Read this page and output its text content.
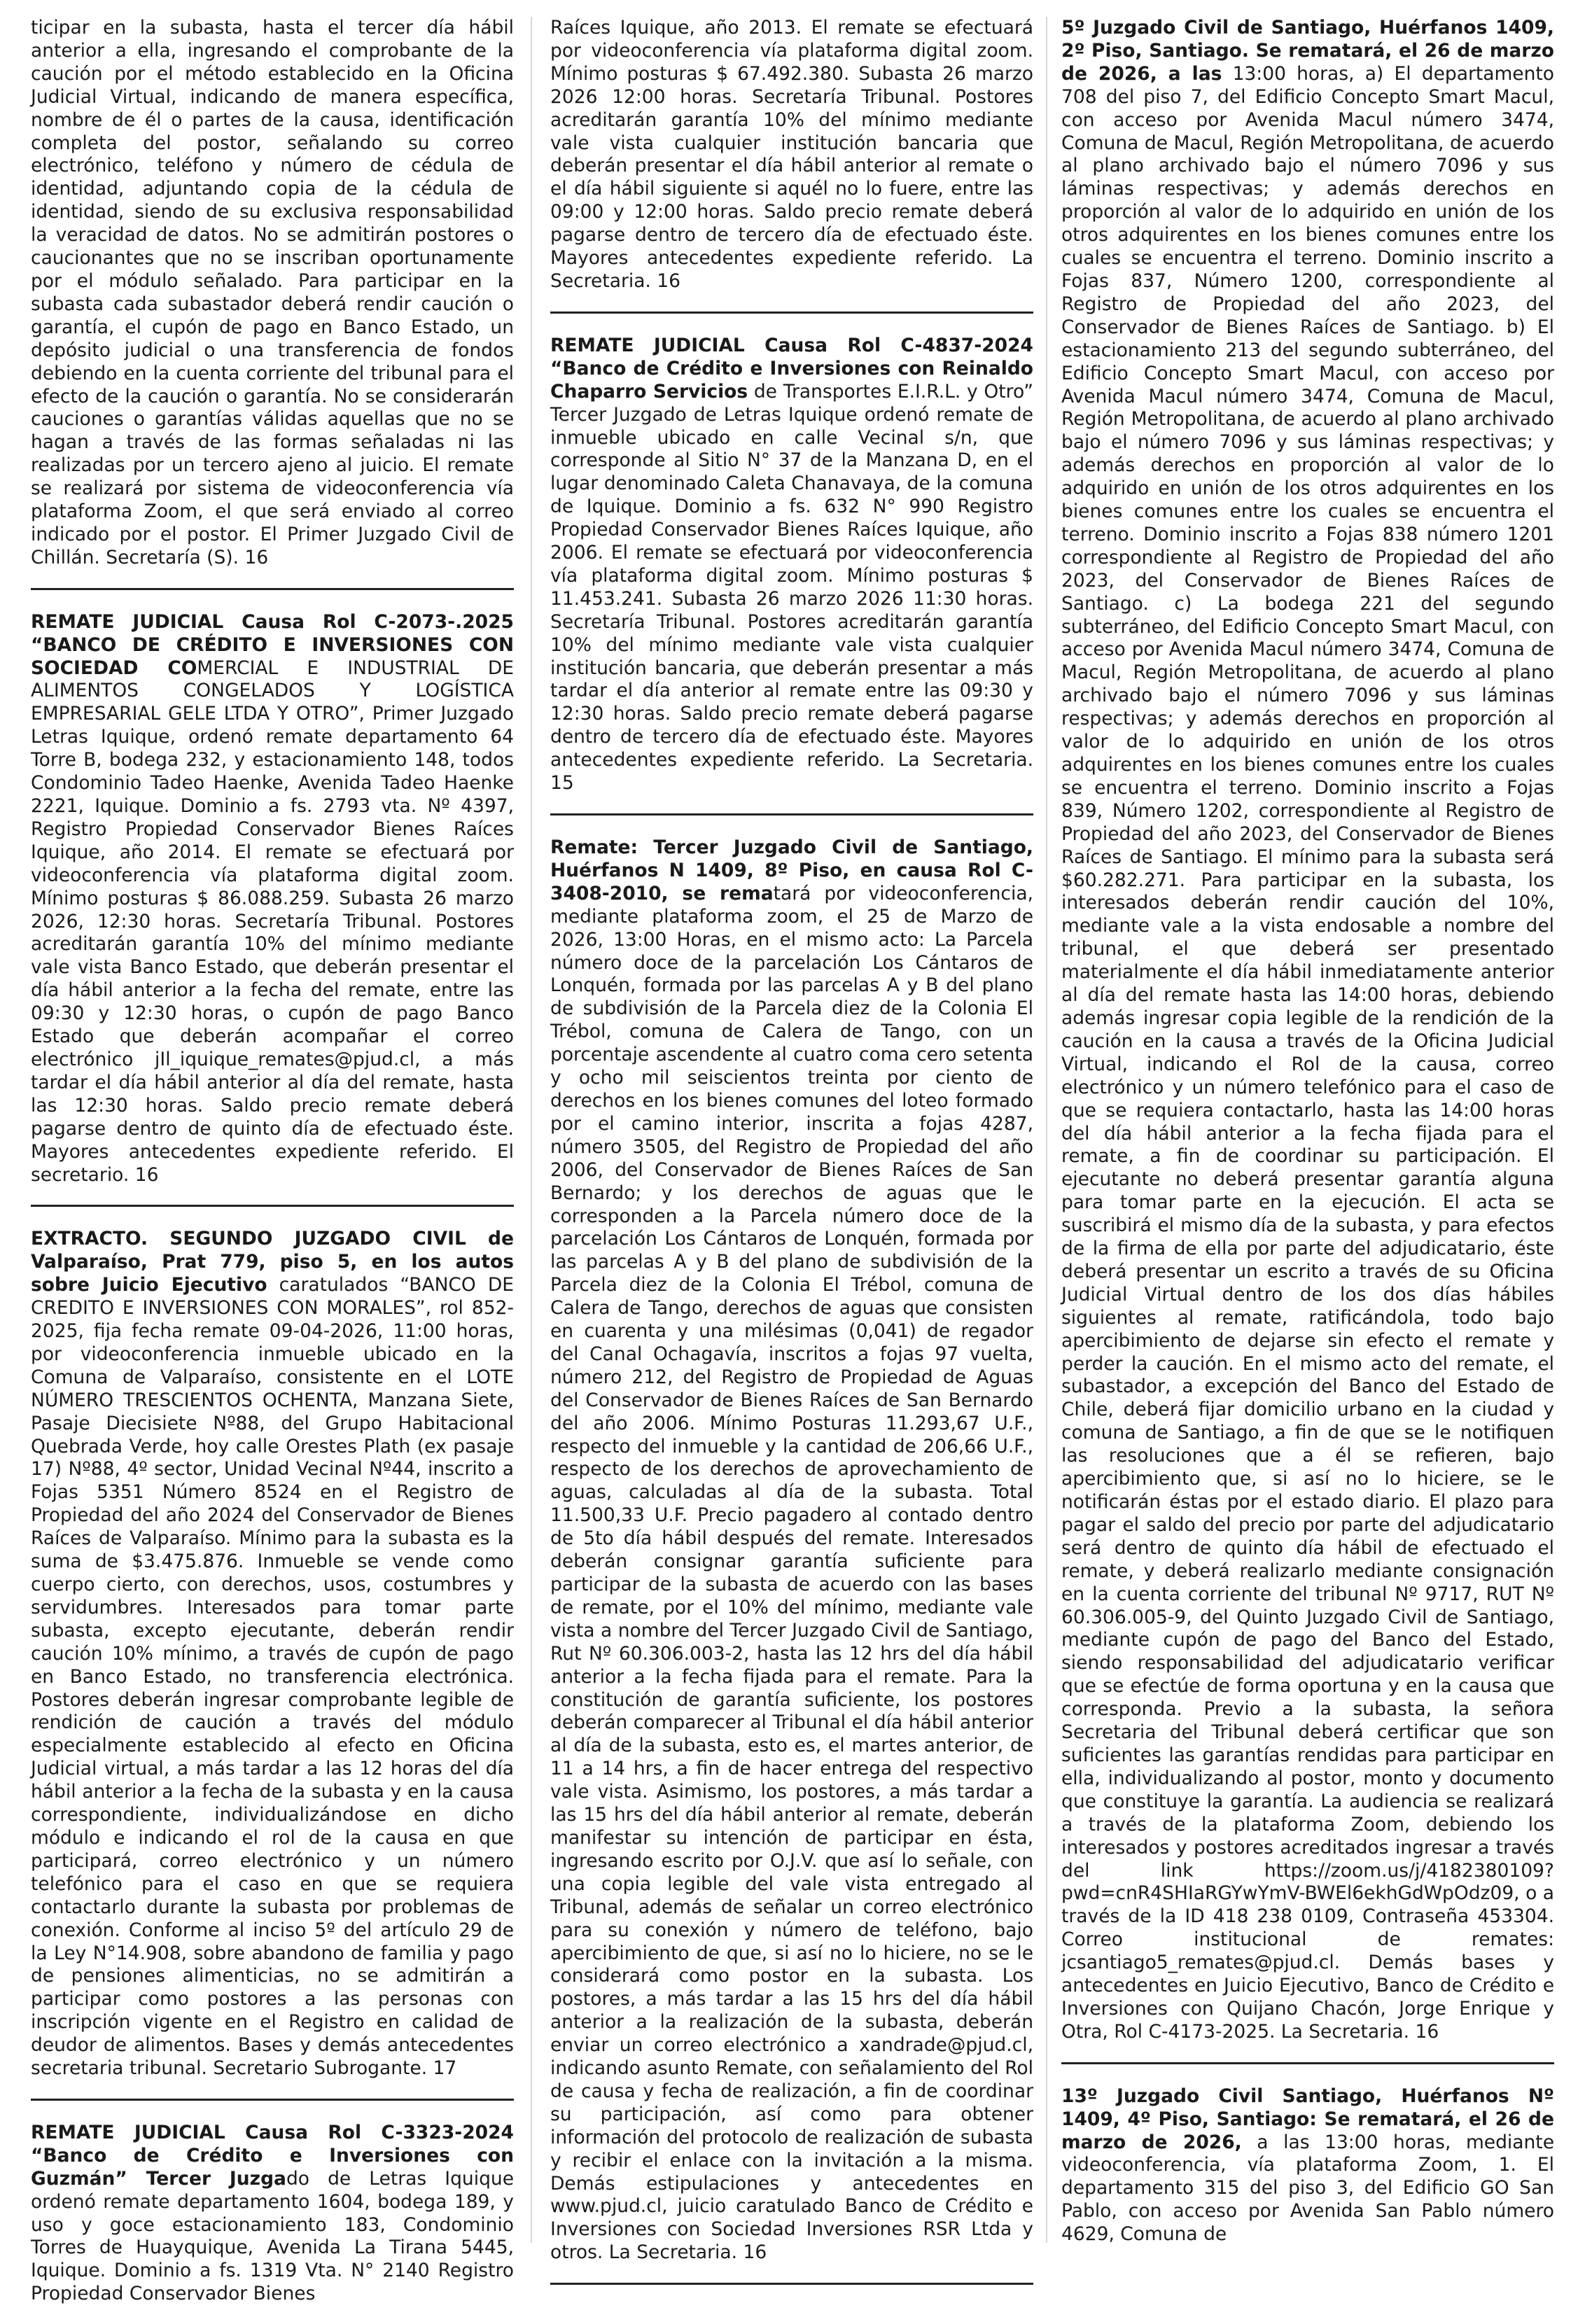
ticipar en la subasta, hasta el tercer día hábil anterior a ella, ingresando el comprobante de la caución por el método establecido en la Oficina Judicial Virtual, indicando de manera específica, nombre de él o partes de la causa, identificación completa del postor, señalando su correo electrónico, teléfono y número de cédula de identidad, adjuntando copia de la cédula de identidad, siendo de su exclusiva responsabilidad la veracidad de datos. No se admitirán postores o caucionantes que no se inscriban oportunamente por el módulo señalado. Para participar en la subasta cada subastador deberá rendir caución o garantía, el cupón de pago en Banco Estado, un depósito judicial o una transferencia de fondos debiendo en la cuenta corriente del tribunal para el efecto de la caución o garantía. No se considerarán cauciones o garantías válidas aquellas que no se hagan a través de las formas señaladas ni las realizadas por un tercero ajeno al juicio. El remate se realizará por sistema de videoconferencia vía plataforma Zoom, el que será enviado al correo indicado por el postor. El Primer Juzgado Civil de Chillán. Secretaría (S). 16
REMATE JUDICIAL Causa Rol C-2073-.2025 “BANCO DE CRÉDITO E INVERSIONES CON SOCIEDAD COMERCIAL E INDUSTRIAL DE ALIMENTOS CONGELADOS Y LOGÍSTICA EMPRESARIAL GELE LTDA Y OTRO”, Primer Juzgado Letras Iquique, ordenó remate departamento 64 Torre B, bodega 232, y estacionamiento 148, todos Condominio Tadeo Haenke, Avenida Tadeo Haenke 2221, Iquique. Dominio a fs. 2793 vta. Nº 4397, Registro Propiedad Conservador Bienes Raíces Iquique, año 2014. El remate se efectuará por videoconferencia vía plataforma digital zoom. Mínimo posturas $ 86.088.259. Subasta 26 marzo 2026, 12:30 horas. Secretaría Tribunal. Postores acreditarán garantía 10% del mínimo mediante vale vista Banco Estado, que deberán presentar el día hábil anterior a la fecha del remate, entre las 09:30 y 12:30 horas, o cupón de pago Banco Estado que deberán acompañar el correo electrónico jIl_iquique_remates@pjud.cl, a más tardar el día hábil anterior al día del remate, hasta las 12:30 horas. Saldo precio remate deberá pagarse dentro de quinto día de efectuado éste. Mayores antecedentes expediente referido. El secretario. 16
EXTRACTO. SEGUNDO JUZGADO CIVIL de Valparaíso, Prat 779, piso 5, en los autos sobre Juicio Ejecutivo caratulados “BANCO DE CREDITO E INVERSIONES CON MORALES”, rol 852- 2025, fija fecha remate 09-04-2026, 11:00 horas, por videoconferencia inmueble ubicado en la Comuna de Valparaíso, consistente en el LOTE NÚMERO TRESCIENTOS OCHENTA, Manzana Siete, Pasaje Diecisiete Nº88, del Grupo Habitacional Quebrada Verde, hoy calle Orestes Plath (ex pasaje 17) Nº88, 4º sector, Unidad Vecinal Nº44, inscrito a Fojas 5351 Número 8524 en el Registro de Propiedad del año 2024 del Conservador de Bienes Raíces de Valparaíso. Mínimo para la subasta es la suma de $3.475.876. Inmueble se vende como cuerpo cierto, con derechos, usos, costumbres y servidumbres. Interesados para tomar parte subasta, excepto ejecutante, deberán rendir caución 10% mínimo, a través de cupón de pago en Banco Estado, no transferencia electrónica. Postores deberán ingresar comprobante legible de rendición de caución a través del módulo especialmente establecido al efecto en Oficina Judicial virtual, a más tardar a las 12 horas del día hábil anterior a la fecha de la subasta y en la causa correspondiente, individualizándose en dicho módulo e indicando el rol de la causa en que participará, correo electrónico y un número telefónico para el caso en que se requiera contactarlo durante la subasta por problemas de conexión. Conforme al inciso 5º del artículo 29 de la Ley N°14.908, sobre abandono de familia y pago de pensiones alimenticias, no se admitirán a participar como postores a las personas con inscripción vigente en el Registro en calidad de deudor de alimentos. Bases y demás antecedentes secretaria tribunal. Secretario Subrogante. 17
REMATE JUDICIAL Causa Rol C-3323-2024 “Banco de Crédito e Inversiones con Guzmán” Tercer Juzgado de Letras Iquique ordenó remate departamento 1604, bodega 189, y uso y goce estacionamiento 183, Condominio Torres de Huayquique, Avenida La Tirana 5445, Iquique. Dominio a fs. 1319 Vta. N° 2140 Registro Propiedad Conservador Bienes
Raíces Iquique, año 2013. El remate se efectuará por videoconferencia vía plataforma digital zoom. Mínimo posturas $ 67.492.380. Subasta 26 marzo 2026 12:00 horas. Secretaría Tribunal. Postores acreditarán garantía 10% del mínimo mediante vale vista cualquier institución bancaria que deberán presentar el día hábil anterior al remate o el día hábil siguiente si aquél no lo fuere, entre las 09:00 y 12:00 horas. Saldo precio remate deberá pagarse dentro de tercero día de efectuado éste. Mayores antecedentes expediente referido. La Secretaria. 16
REMATE JUDICIAL Causa Rol C-4837-2024 “Banco de Crédito e Inversiones con Reinaldo Chaparro Servicios de Transportes E.I.R.L. y Otro” Tercer Juzgado de Letras Iquique ordenó remate de inmueble ubicado en calle Vecinal s/n, que corresponde al Sitio N° 37 de la Manzana D, en el lugar denominado Caleta Chanavaya, de la comuna de Iquique. Dominio a fs. 632 N° 990 Registro Propiedad Conservador Bienes Raíces Iquique, año 2006. El remate se efectuará por videoconferencia vía plataforma digital zoom. Mínimo posturas $ 11.453.241. Subasta 26 marzo 2026 11:30 horas. Secretaría Tribunal. Postores acreditarán garantía 10% del mínimo mediante vale vista cualquier institución bancaria, que deberán presentar a más tardar el día anterior al remate entre las 09:30 y 12:30 horas. Saldo precio remate deberá pagarse dentro de tercero día de efectuado éste. Mayores antecedentes expediente referido. La Secretaria. 15
Remate: Tercer Juzgado Civil de Santiago, Huérfanos N 1409, 8º Piso, en causa Rol C-3408-2010, se rematará por videoconferencia, mediante plataforma zoom, el 25 de Marzo de 2026, 13:00 Horas, en el mismo acto: La Parcela número doce de la parcelación Los Cántaros de Lonquén, formada por las parcelas A y B del plano de subdivisión de la Parcela diez de la Colonia El Trébol, comuna de Calera de Tango, con un porcentaje ascendente al cuatro coma cero setenta y ocho mil seiscientos treinta por ciento de derechos en los bienes comunes del loteo formado por el camino interior, inscrita a fojas 4287, número 3505, del Registro de Propiedad del año 2006, del Conservador de Bienes Raíces de San Bernardo; y los derechos de aguas que le corresponden a la Parcela número doce de la parcelación Los Cántaros de Lonquén, formada por las parcelas A y B del plano de subdivisión de la Parcela diez de la Colonia El Trébol, comuna de Calera de Tango, derechos de aguas que consisten en cuarenta y una milésimas (0,041) de regador del Canal Ochagavía, inscritos a fojas 97 vuelta, número 212, del Registro de Propiedad de Aguas del Conservador de Bienes Raíces de San Bernardo del año 2006. Mínimo Posturas 11.293,67 U.F., respecto del inmueble y la cantidad de 206,66 U.F., respecto de los derechos de aprovechamiento de aguas, calculadas al día de la subasta. Total 11.500,33 U.F. Precio pagadero al contado dentro de 5to día hábil después del remate. Interesados deberán consignar garantía suficiente para participar de la subasta de acuerdo con las bases de remate, por el 10% del mínimo, mediante vale vista a nombre del Tercer Juzgado Civil de Santiago, Rut Nº 60.306.003-2, hasta las 12 hrs del día hábil anterior a la fecha fijada para el remate. Para la constitución de garantía suficiente, los postores deberán comparecer al Tribunal el día hábil anterior al día de la subasta, esto es, el martes anterior, de 11 a 14 hrs, a fin de hacer entrega del respectivo vale vista. Asimismo, los postores, a más tardar a las 15 hrs del día hábil anterior al remate, deberán manifestar su intención de participar en ésta, ingresando escrito por O.J.V. que así lo señale, con una copia legible del vale vista entregado al Tribunal, además de señalar un correo electrónico para su conexión y número de teléfono, bajo apercibimiento de que, si así no lo hiciere, no se le considerará como postor en la subasta. Los postores, a más tardar a las 15 hrs del día hábil anterior a la realización de la subasta, deberán enviar un correo electrónico a xandrade@pjud.cl, indicando asunto Remate, con señalamiento del Rol de causa y fecha de realización, a fin de coordinar su participación, así como para obtener información del protocolo de realización de subasta y recibir el enlace con la invitación a la misma. Demás estipulaciones y antecedentes en www.pjud.cl, juicio caratulado Banco de Crédito e Inversiones con Sociedad Inversiones RSR Ltda y otros. La Secretaria. 16
5º Juzgado Civil de Santiago, Huérfanos 1409, 2º Piso, Santiago. Se rematará, el 26 de marzo de 2026, a las 13:00 horas, a) El departamento 708 del piso 7, del Edificio Concepto Smart Macul, con acceso por Avenida Macul número 3474, Comuna de Macul, Región Metropolitana, de acuerdo al plano archivado bajo el número 7096 y sus láminas respectivas; y además derechos en proporción al valor de lo adquirido en unión de los otros adquirentes en los bienes comunes entre los cuales se encuentra el terreno. Dominio inscrito a Fojas 837, Número 1200, correspondiente al Registro de Propiedad del año 2023, del Conservador de Bienes Raíces de Santiago. b) El estacionamiento 213 del segundo subterráneo, del Edificio Concepto Smart Macul, con acceso por Avenida Macul número 3474, Comuna de Macul, Región Metropolitana, de acuerdo al plano archivado bajo el número 7096 y sus láminas respectivas; y además derechos en proporción al valor de lo adquirido en unión de los otros adquirentes en los bienes comunes entre los cuales se encuentra el terreno. Dominio inscrito a Fojas 838 número 1201 correspondiente al Registro de Propiedad del año 2023, del Conservador de Bienes Raíces de Santiago. c) La bodega 221 del segundo subterráneo, del Edificio Concepto Smart Macul, con acceso por Avenida Macul número 3474, Comuna de Macul, Región Metropolitana, de acuerdo al plano archivado bajo el número 7096 y sus láminas respectivas; y además derechos en proporción al valor de lo adquirido en unión de los otros adquirentes en los bienes comunes entre los cuales se encuentra el terreno. Dominio inscrito a Fojas 839, Número 1202, correspondiente al Registro de Propiedad del año 2023, del Conservador de Bienes Raíces de Santiago. El mínimo para la subasta será $60.282.271. Para participar en la subasta, los interesados deberán rendir caución del 10%, mediante vale a la vista endosable a nombre del tribunal, el que deberá ser presentado materialmente el día hábil inmediatamente anterior al día del remate hasta las 14:00 horas, debiendo además ingresar copia legible de la rendición de la caución en la causa a través de la Oficina Judicial Virtual, indicando el Rol de la causa, correo electrónico y un número telefónico para el caso de que se requiera contactarlo, hasta las 14:00 horas del día hábil anterior a la fecha fijada para el remate, a fin de coordinar su participación. El ejecutante no deberá presentar garantía alguna para tomar parte en la ejecución. El acta se suscribirá el mismo día de la subasta, y para efectos de la firma de ella por parte del adjudicatario, éste deberá presentar un escrito a través de su Oficina Judicial Virtual dentro de los dos días hábiles siguientes al remate, ratificándola, todo bajo apercibimiento de dejarse sin efecto el remate y perder la caución. En el mismo acto del remate, el subastador, a excepción del Banco del Estado de Chile, deberá fijar domicilio urbano en la ciudad y comuna de Santiago, a fin de que se le notifiquen las resoluciones que a él se refieren, bajo apercibimiento que, si así no lo hiciere, se le notificarán éstas por el estado diario. El plazo para pagar el saldo del precio por parte del adjudicatario será dentro de quinto día hábil de efectuado el remate, y deberá realizarlo mediante consignación en la cuenta corriente del tribunal Nº 9717, RUT Nº 60.306.005-9, del Quinto Juzgado Civil de Santiago, mediante cupón de pago del Banco del Estado, siendo responsabilidad del adjudicatario verificar que se efectúe de forma oportuna y en la causa que corresponda. Previo a la subasta, la señora Secretaria del Tribunal deberá certificar que son suficientes las garantías rendidas para participar en ella, individualizando al postor, monto y documento que constituye la garantía. La audiencia se realizará a través de la plataforma Zoom, debiendo los interesados y postores acreditados ingresar a través del link https://zoom.us/j/4182380109?pwd=cnR4SHIaRGYwYmV-BWEl6ekhGdWpOdz09, o a través de la ID 418 238 0109, Contraseña 453304. Correo institucional de remates: jcsantiago5_remates@pjud.cl. Demás bases y antecedentes en Juicio Ejecutivo, Banco de Crédito e Inversiones con Quijano Chacón, Jorge Enrique y Otra, Rol C-4173-2025. La Secretaria. 16
13º Juzgado Civil Santiago, Huérfanos Nº 1409, 4º Piso, Santiago: Se rematará, el 26 de marzo de 2026, a las 13:00 horas, mediante videoconferencia, vía plataforma Zoom, 1. El departamento 315 del piso 3, del Edificio GO San Pablo, con acceso por Avenida San Pablo número 4629, Comuna de
